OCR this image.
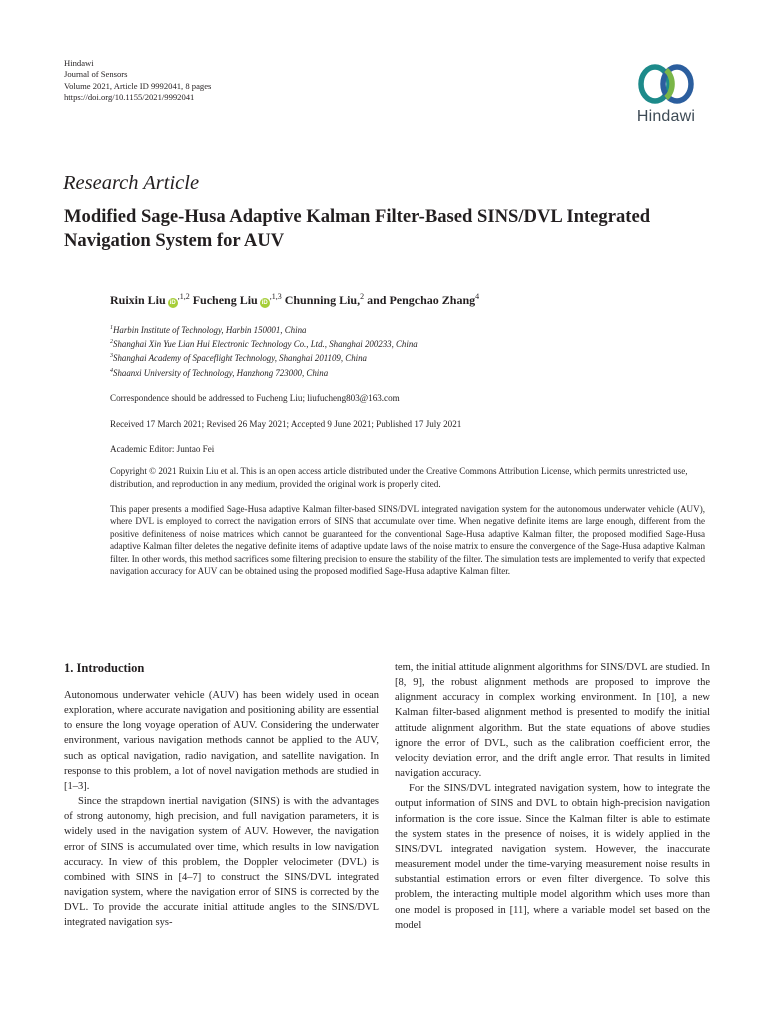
Hindawi
Journal of Sensors
Volume 2021, Article ID 9992041, 8 pages
https://doi.org/10.1155/2021/9992041
Hindawi
Research Article
Modified Sage-Husa Adaptive Kalman Filter-Based SINS/DVL Integrated Navigation System for AUV
Ruixin Liu $iD^{,1,2}$ Fucheng Liu $iD^{,1,3}$ Chunning Liu,$^2$ and Pengchao Zhang$^4$
$^1$Harbin Institute of Technology, Harbin 150001, China
$^2$Shanghai Xin Yue Lian Hui Electronic Technology Co., Ltd., Shanghai 200233, China
$^3$Shanghai Academy of Spaceflight Technology, Shanghai 201109, China
$^4$Shaanxi University of Technology, Hanzhong 723000, China
Correspondence should be addressed to Fucheng Liu; liufucheng803@163.com
Received 17 March 2021; Revised 26 May 2021; Accepted 9 June 2021; Published 17 July 2021
Academic Editor: Juntao Fei
Copyright © 2021 Ruixin Liu et al. This is an open access article distributed under the Creative Commons Attribution License, which permits unrestricted use, distribution, and reproduction in any medium, provided the original work is properly cited.
This paper presents a modified Sage-Husa adaptive Kalman filter-based SINS/DVL integrated navigation system for the autonomous underwater vehicle (AUV), where DVL is employed to correct the navigation errors of SINS that accumulate over time. When negative definite items are large enough, different from the positive definiteness of noise matrices which cannot be guaranteed for the conventional Sage-Husa adaptive Kalman filter, the proposed modified Sage-Husa adaptive Kalman filter deletes the negative definite items of adaptive update laws of the noise matrix to ensure the convergence of the Sage-Husa adaptive Kalman filter. In other words, this method sacrifices some filtering precision to ensure the stability of the filter. The simulation tests are implemented to verify that expected navigation accuracy for AUV can be obtained using the proposed modified Sage-Husa adaptive Kalman filter.
1. Introduction

Autonomous underwater vehicle (AUV) has been widely used in ocean exploration, where accurate navigation and positioning ability are essential to ensure the long voyage operation of AUV. Considering the underwater environment, various navigation methods cannot be applied to the AUV, such as optical navigation, radio navigation, and satellite navigation. In response to this problem, a lot of novel navigation methods are studied in [1–3].

Since the strapdown inertial navigation (SINS) is with the advantages of strong autonomy, high precision, and full navigation parameters, it is widely used in the navigation system of AUV. However, the navigation error of SINS is accumulated over time, which results in low navigation accuracy. In view of this problem, the Doppler velocimeter (DVL) is combined with SINS in [4–7] to construct the SINS/DVL integrated navigation system, where the navigation error of SINS is corrected by the DVL. To provide the accurate initial attitude angles to the SINS/DVL integrated navigation sys-

tem, the initial attitude alignment algorithms for SINS/DVL are studied. In [8, 9], the robust alignment methods are proposed to improve the alignment accuracy in complex working environment. In [10], a new Kalman filter-based alignment method is presented to modify the initial attitude alignment algorithm. But the state equations of above studies ignore the error of DVL, such as the calibration coefficient error, the velocity deviation error, and the drift angle error. That results in limited navigation accuracy.

For the SINS/DVL integrated navigation system, how to integrate the output information of SINS and DVL to obtain high-precision navigation information is the core issue. Since the Kalman filter is able to estimate the system states in the presence of noises, it is widely applied in the SINS/DVL integrated navigation system. However, the inaccurate measurement model under the time-varying measurement noise results in substantial estimation errors or even filter divergence. To solve this problem, the interacting multiple model algorithm which uses more than one model is proposed in [11], where a variable model set based on the model
